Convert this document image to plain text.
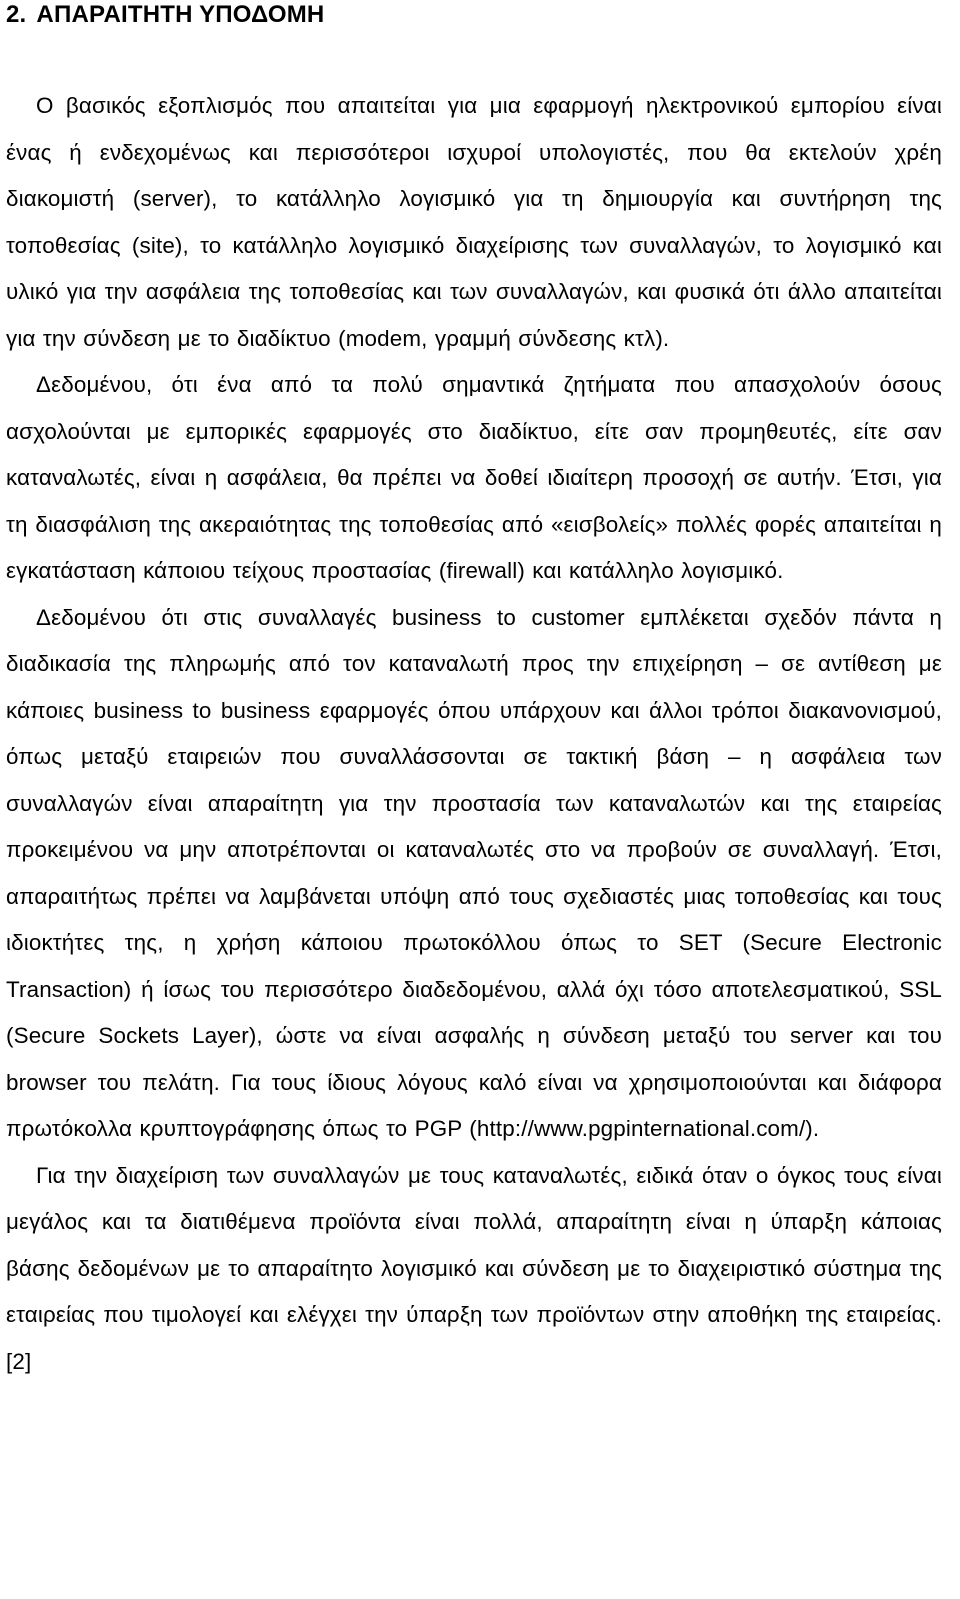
2. ΑΠΑΡΑΙΤΗΤΗ ΥΠΟΔΟΜΗ

Ο βασικός εξοπλισμός που απαιτείται για μια εφαρμογή ηλεκτρονικού εμπορίου είναι ένας ή ενδεχομένως και περισσότεροι ισχυροί υπολογιστές, που θα εκτελούν χρέη διακομιστή (server), το κατάλληλο λογισμικό για τη δημιουργία και συντήρηση της τοποθεσίας (site), το κατάλληλο λογισμικό διαχείρισης των συναλλαγών, το λογισμικό και υλικό για την ασφάλεια της τοποθεσίας και των συναλλαγών, και φυσικά ότι άλλο απαιτείται για την σύνδεση με το διαδίκτυο (modem, γραμμή σύνδεσης κτλ).

Δεδομένου, ότι ένα από τα πολύ σημαντικά ζητήματα που απασχολούν όσους ασχολούνται με εμπορικές εφαρμογές στο διαδίκτυο, είτε σαν προμηθευτές, είτε σαν καταναλωτές, είναι η ασφάλεια, θα πρέπει να δοθεί ιδιαίτερη προσοχή σε αυτήν. Έτσι, για τη διασφάλιση της ακεραιότητας της τοποθεσίας από «εισβολείς» πολλές φορές απαιτείται η εγκατάσταση κάποιου τείχους προστασίας (firewall) και κατάλληλο λογισμικό.

Δεδομένου ότι στις συναλλαγές business to customer εμπλέκεται σχεδόν πάντα η διαδικασία της πληρωμής από τον καταναλωτή προς την επιχείρηση – σε αντίθεση με κάποιες business to business εφαρμογές όπου υπάρχουν και άλλοι τρόποι διακανονισμού, όπως μεταξύ εταιρειών που συναλλάσσονται σε τακτική βάση – η ασφάλεια των συναλλαγών είναι απαραίτητη για την προστασία των καταναλωτών και της εταιρείας προκειμένου να μην αποτρέπονται οι καταναλωτές στο να προβούν σε συναλλαγή. Έτσι, απαραιτήτως πρέπει να λαμβάνεται υπόψη από τους σχεδιαστές μιας τοποθεσίας και τους ιδιοκτήτες της, η χρήση κάποιου πρωτοκόλλου όπως το SET (Secure Electronic Transaction) ή ίσως του περισσότερο διαδεδομένου, αλλά όχι τόσο αποτελεσματικού, SSL (Secure Sockets Layer), ώστε να είναι ασφαλής η σύνδεση μεταξύ του server και του browser του πελάτη. Για τους ίδιους λόγους καλό είναι να χρησιμοποιούνται και διάφορα πρωτόκολλα κρυπτογράφησης όπως το PGP (http://www.pgpinternational.com/).

Για την διαχείριση των συναλλαγών με τους καταναλωτές, ειδικά όταν ο όγκος τους είναι μεγάλος και τα διατιθέμενα προϊόντα είναι πολλά, απαραίτητη είναι η ύπαρξη κάποιας βάσης δεδομένων με το απαραίτητο λογισμικό και σύνδεση με το διαχειριστικό σύστημα της εταιρείας που τιμολογεί και ελέγχει την ύπαρξη των προϊόντων στην αποθήκη της εταιρείας.[2]
